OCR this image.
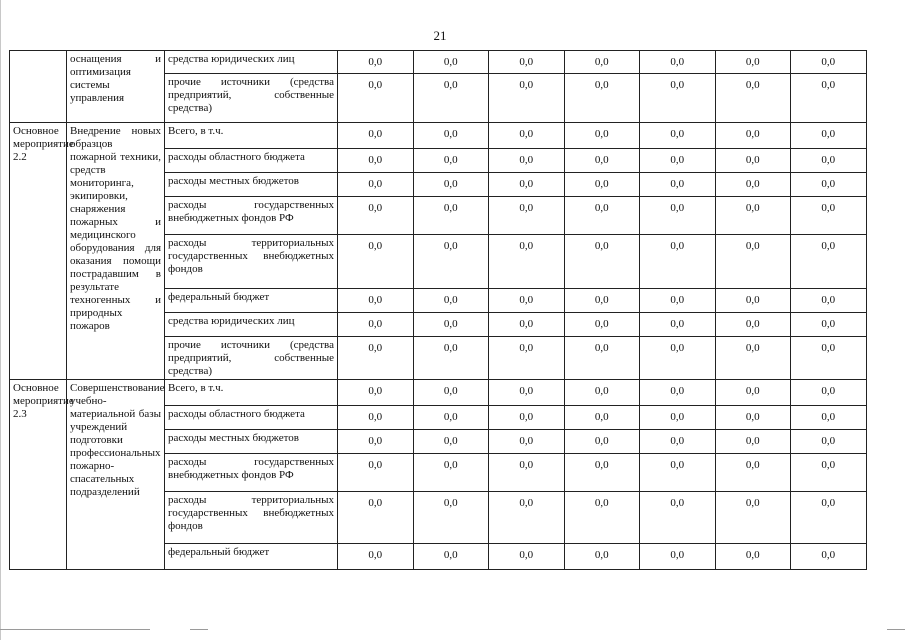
21
	оснащения и оптимизация системы управления	средства юридических лиц	0,0	0,0	0,0	0,0	0,0	0,0	0,0
		прочие источники (средства предприятий, собственные средства)	0,0	0,0	0,0	0,0	0,0	0,0	0,0
Основное мероприятие 2.2	Внедрение новых образцов пожарной техники, средств мониторинга, экипировки, снаряжения пожарных и медицинского оборудования для оказания помощи пострадавшим в результате техногенных и природных пожаров	Всего, в т.ч.	0,0	0,0	0,0	0,0	0,0	0,0	0,0
		расходы областного бюджета	0,0	0,0	0,0	0,0	0,0	0,0	0,0
		расходы местных бюджетов	0,0	0,0	0,0	0,0	0,0	0,0	0,0
		расходы государственных внебюджетных фондов РФ	0,0	0,0	0,0	0,0	0,0	0,0	0,0
		расходы территориальных государственных внебюджетных фондов	0,0	0,0	0,0	0,0	0,0	0,0	0,0
		федеральный бюджет	0,0	0,0	0,0	0,0	0,0	0,0	0,0
		средства юридических лиц	0,0	0,0	0,0	0,0	0,0	0,0	0,0
		прочие источники (средства предприятий, собственные средства)	0,0	0,0	0,0	0,0	0,0	0,0	0,0
Основное мероприятие 2.3	Совершенствование учебно-материальной базы учреждений подготовки профессиональных пожарно-спасательных подразделений	Всего, в т.ч.	0,0	0,0	0,0	0,0	0,0	0,0	0,0
		расходы областного бюджета	0,0	0,0	0,0	0,0	0,0	0,0	0,0
		расходы местных бюджетов	0,0	0,0	0,0	0,0	0,0	0,0	0,0
		расходы государственных внебюджетных фондов РФ	0,0	0,0	0,0	0,0	0,0	0,0	0,0
		расходы территориальных государственных внебюджетных фондов	0,0	0,0	0,0	0,0	0,0	0,0	0,0
		федеральный бюджет	0,0	0,0	0,0	0,0	0,0	0,0	0,0
